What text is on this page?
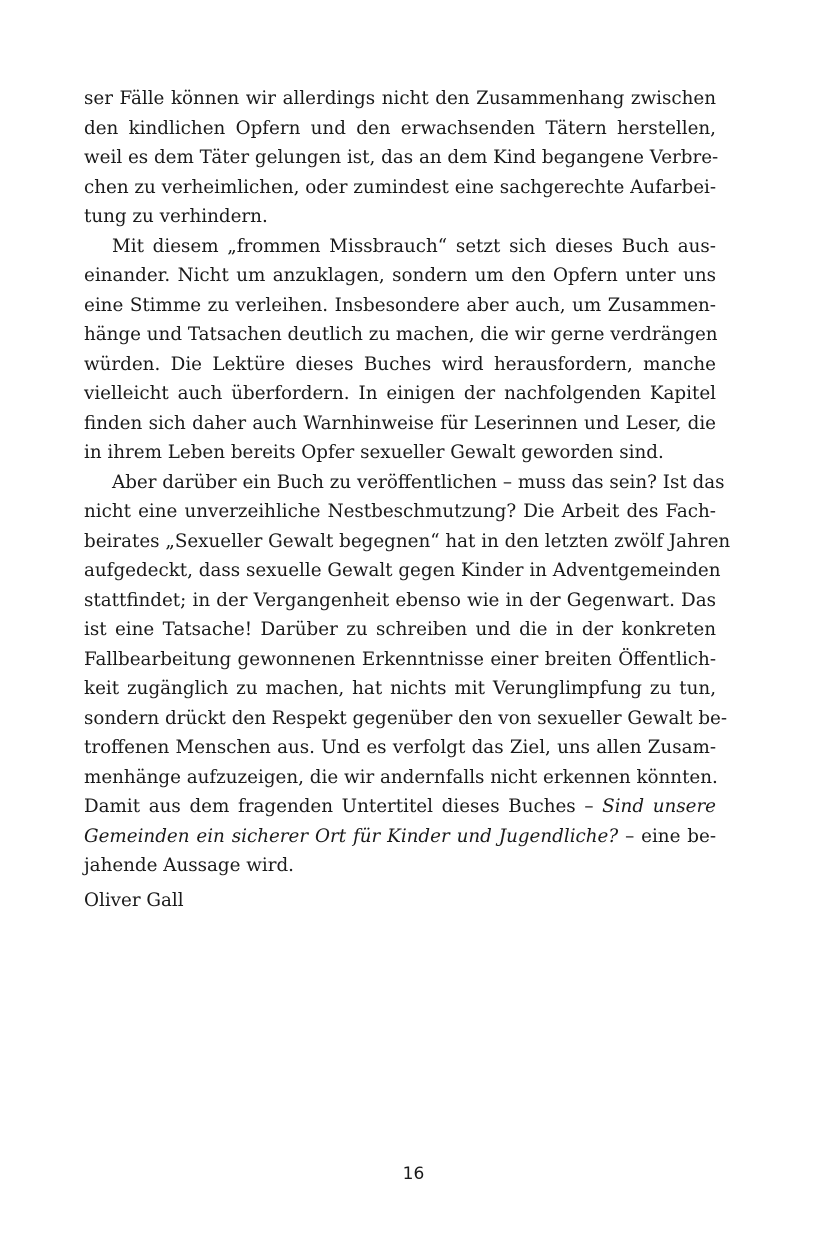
ser Fälle können wir allerdings nicht den Zusammenhang zwischen
den kindlichen Opfern und den erwachsenden Tätern herstellen,
weil es dem Täter gelungen ist, das an dem Kind begangene Verbre-
chen zu verheimlichen, oder zumindest eine sachgerechte Aufarbei-
tung zu verhindern.
Mit diesem „frommen Missbrauch“ setzt sich dieses Buch aus-
einander. Nicht um anzuklagen, sondern um den Opfern unter uns
eine Stimme zu verleihen. Insbesondere aber auch, um Zusammen-
hänge und Tatsachen deutlich zu machen, die wir gerne verdrängen
würden. Die Lektüre dieses Buches wird herausfordern, manche
vielleicht auch überfordern. In einigen der nachfolgenden Kapitel
finden sich daher auch Warnhinweise für Leserinnen und Leser, die
in ihrem Leben bereits Opfer sexueller Gewalt geworden sind.
Aber darüber ein Buch zu veröffentlichen – muss das sein? Ist das
nicht eine unverzeihliche Nestbeschmutzung? Die Arbeit des Fach-
beirates „Sexueller Gewalt begegnen“ hat in den letzten zwölf Jahren
aufgedeckt, dass sexuelle Gewalt gegen Kinder in Adventgemeinden
stattfindet; in der Vergangenheit ebenso wie in der Gegenwart. Das
ist eine Tatsache! Darüber zu schreiben und die in der konkreten
Fallbearbeitung gewonnenen Erkenntnisse einer breiten Öffentlich-
keit zugänglich zu machen, hat nichts mit Verunglimpfung zu tun,
sondern drückt den Respekt gegenüber den von sexueller Gewalt be-
troffenen Menschen aus. Und es verfolgt das Ziel, uns allen Zusam-
menhänge aufzuzeigen, die wir andernfalls nicht erkennen könnten.
Damit aus dem fragenden Untertitel dieses Buches – Sind unsere
Gemeinden ein sicherer Ort für Kinder und Jugendliche? – eine be-
jahende Aussage wird.
Oliver Gall
16
